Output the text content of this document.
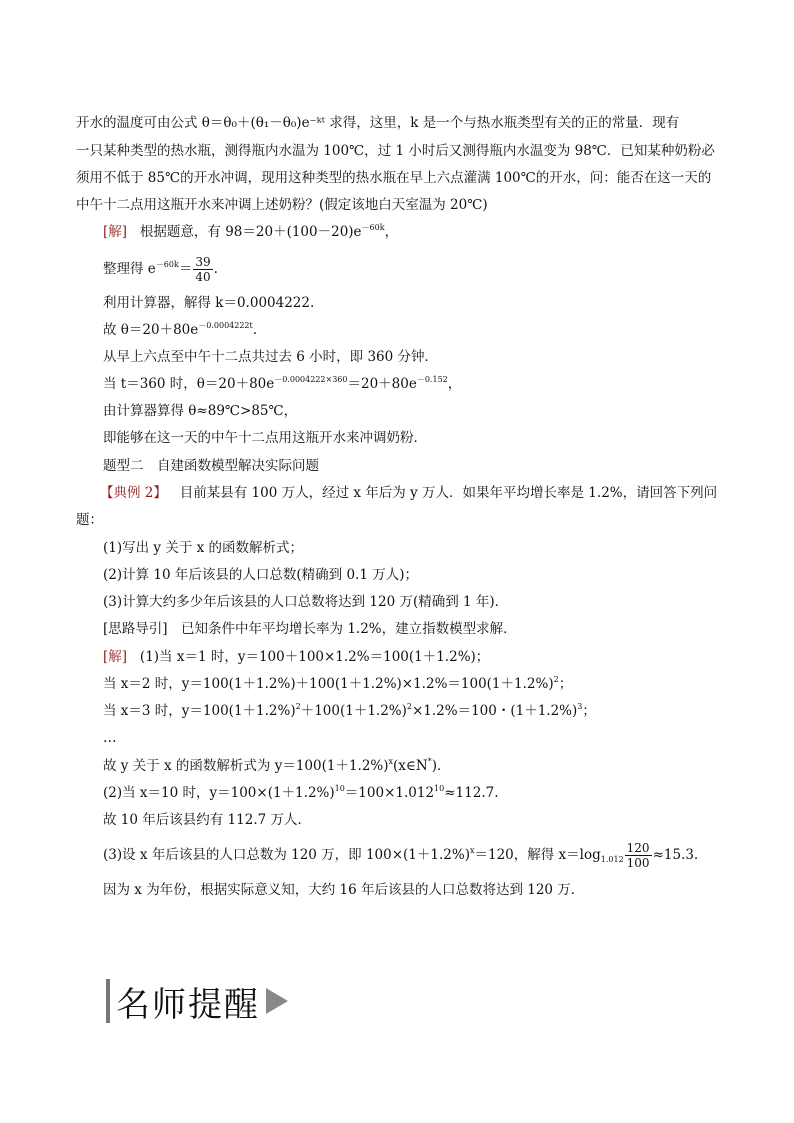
开水的温度可由公式 θ＝θ₀＋(θ₁－θ₀)e⁻ᵏᵗ 求得，这里，k 是一个与热水瓶类型有关的正的常量．现有
一只某种类型的热水瓶，测得瓶内水温为 100℃，过 1 小时后又测得瓶内水温变为 98℃．已知某种奶粉必
须用不低于 85℃的开水冲调，现用这种类型的热水瓶在早上六点灌满 100℃的开水，问：能否在这一天的
中午十二点用这瓶开水来冲调上述奶粉？(假定该地白天室温为 20℃)
[解] 根据题意，有 $98=20+(100-20)e^{-60k}$，
整理得 $e^{-60k}= \frac{39}{40}$ .
利用计算器，解得 k＝0.0004222.
故 $\theta=20+80e^{-0.0004222t}$.
从早上六点至中午十二点共过去 6 小时，即 360 分钟．
当 t＝360 时，$\theta=20+80e^{-0.0004222\times 360}=20+80e^{-0.152}$，
由计算器算得 θ≈89℃>85℃，
即能够在这一天的中午十二点用这瓶开水来冲调奶粉．
题型二　自建函数模型解决实际问题
【典例 2】 目前某县有 100 万人，经过 x 年后为 y 万人．如果年平均增长率是 1.2%，请回答下列问
题：
(1)写出 y 关于 x 的函数解析式；
(2)计算 10 年后该县的人口总数(精确到 0.1 万人)；
(3)计算大约多少年后该县的人口总数将达到 120 万(精确到 1 年)．
[思路导引]　已知条件中年平均增长率为 1.2%，建立指数模型求解．
[解] (1)当 x＝1 时，y＝100＋100×1.2%＝100(1＋1.2%)；
当 x＝2 时，$y=100(1+1.2\%)+100(1+1.2\%)\times 1.2\%=100(1+1.2\%)^2$；
当 x＝3 时，$y=100(1+1.2\%)^2+100(1+1.2\%)^2\times 1.2\%=100$・$(1+1.2\%)^3$；
…
故 y 关于 x 的函数解析式为 $y=100(1+1.2\%)^x(x\in N^*)$．
(2)当 x＝10 时，$y=100\times(1+1.2\%)^{10}=100\times 1.012^{10}\approx 112.7$.
故 10 年后该县约有 112.7 万人．
(3)设 x 年后该县的人口总数为 120 万，即 $100\times(1+1.2\%)^x=120$，解得 $x=\log_{1.012} \frac{120}{100} \approx 15.3$.
因为 x 为年份，根据实际意义知，大约 16 年后该县的人口总数将达到 120 万．
名师提醒
